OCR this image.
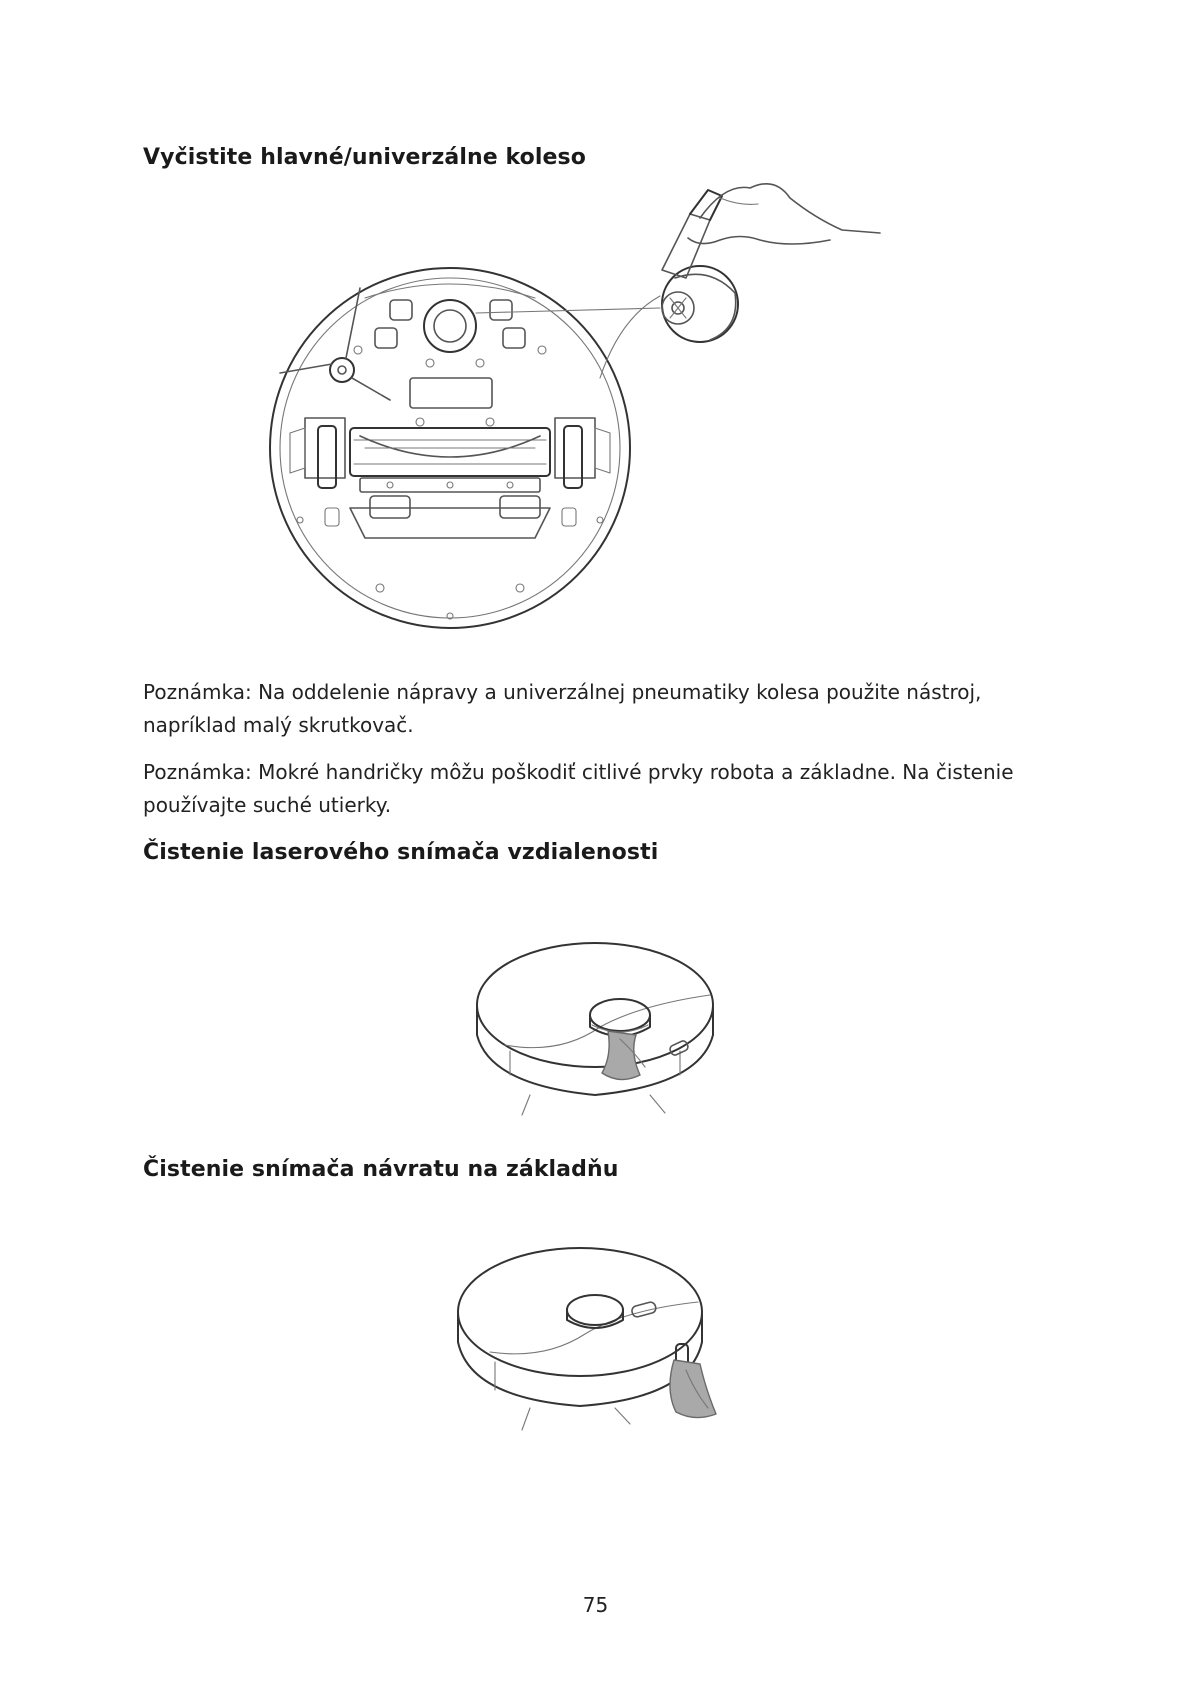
Vyčistite hlavné/univerzálne koleso

Poznámka: Na oddelenie nápravy a univerzálnej pneumatiky kolesa použite nástroj, napríklad malý skrutkovač.

Poznámka: Mokré handričky môžu poškodiť citlivé prvky robota a základne. Na čistenie používajte suché utierky.

Čistenie laserového snímača vzdialenosti
Čistenie snímača návratu na základňu
75
